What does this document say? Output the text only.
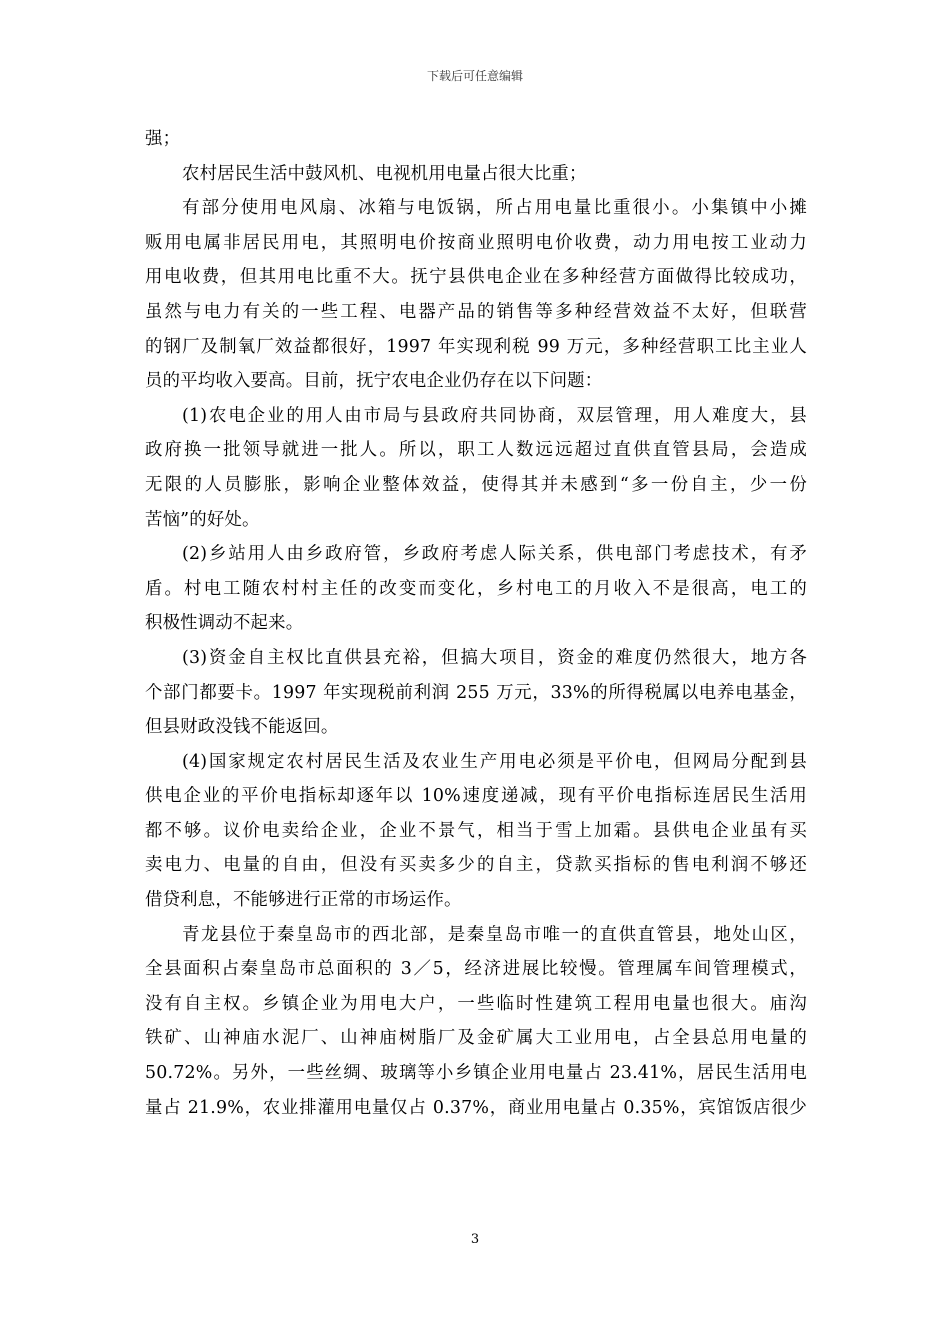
下载后可任意编辑
强；
农村居民生活中鼓风机、电视机用电量占很大比重；
有部分使用电风扇、冰箱与电饭锅，所占用电量比重很小。小集镇中小摊
贩用电属非居民用电，其照明电价按商业照明电价收费，动力用电按工业动力
用电收费，但其用电比重不大。抚宁县供电企业在多种经营方面做得比较成功，
虽然与电力有关的一些工程、电器产品的销售等多种经营效益不太好，但联营
的钢厂及制氧厂效益都很好，1997 年实现利税 99 万元，多种经营职工比主业人
员的平均收入要高。目前，抚宁农电企业仍存在以下问题：
(1)农电企业的用人由市局与县政府共同协商，双层管理，用人难度大，县
政府换一批领导就进一批人。所以，职工人数远远超过直供直管县局，会造成
无限的人员膨胀，影响企业整体效益，使得其并未感到“多一份自主，少一份
苦恼”的好处。
(2)乡站用人由乡政府管，乡政府考虑人际关系，供电部门考虑技术，有矛
盾。村电工随农村村主任的改变而变化，乡村电工的月收入不是很高，电工的
积极性调动不起来。
(3)资金自主权比直供县充裕，但搞大项目，资金的难度仍然很大，地方各
个部门都要卡。1997 年实现税前利润 255 万元，33%的所得税属以电养电基金，
但县财政没钱不能返回。
(4)国家规定农村居民生活及农业生产用电必须是平价电，但网局分配到县
供电企业的平价电指标却逐年以 10%速度递减，现有平价电指标连居民生活用
都不够。议价电卖给企业，企业不景气，相当于雪上加霜。县供电企业虽有买
卖电力、电量的自由，但没有买卖多少的自主，贷款买指标的售电利润不够还
借贷利息，不能够进行正常的市场运作。
青龙县位于秦皇岛市的西北部，是秦皇岛市唯一的直供直管县，地处山区，
全县面积占秦皇岛市总面积的 3／5，经济进展比较慢。管理属车间管理模式，
没有自主权。乡镇企业为用电大户，一些临时性建筑工程用电量也很大。庙沟
铁矿、山神庙水泥厂、山神庙树脂厂及金矿属大工业用电，占全县总用电量的
50.72%。另外，一些丝绸、玻璃等小乡镇企业用电量占 23.41%，居民生活用电
量占 21.9%，农业排灌用电量仅占 0.37%，商业用电量占 0.35%，宾馆饭店很少
3
